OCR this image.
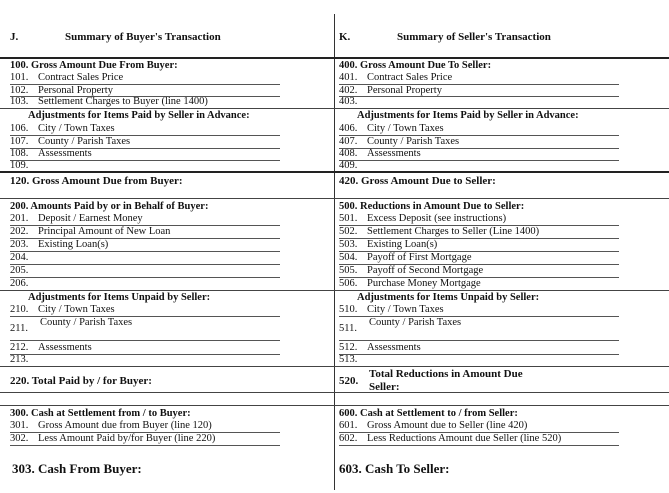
J.	Summary of Buyer's Transaction
100. Gross Amount Due From Buyer:
101. Contract Sales Price
102. Personal Property
103. Settlement Charges to Buyer (line 1400)
Adjustments for Items Paid by Seller in Advance:
106. City / Town Taxes
107. County / Parish Taxes
108. Assessments
109.
120. Gross Amount Due from Buyer:
200. Amounts Paid by or in Behalf of Buyer:
201. Deposit / Earnest Money
202. Principal Amount of New Loan
203. Existing Loan(s)
204.
205.
206.
Adjustments for Items Unpaid by Seller:
210. City / Town Taxes
County / Parish Taxes
211.
212. Assessments
213.
220. Total Paid by / for Buyer:
300. Cash at Settlement from / to Buyer:
301. Gross Amount due from Buyer (line 120)
302. Less Amount Paid by/for Buyer (line 220)
303. Cash From Buyer:
K.	Summary of Seller's Transaction
400. Gross Amount Due To Seller:
401. Contract Sales Price
402. Personal Property
403.
Adjustments for Items Paid by Seller in Advance:
406. City / Town Taxes
407. County / Parish Taxes
408. Assessments
409.
420. Gross Amount Due to Seller:
500. Reductions in Amount Due to Seller:
501. Excess Deposit (see instructions)
502. Settlement Charges to Seller (Line 1400)
503. Existing Loan(s)
504. Payoff of First Mortgage
505. Payoff of Second Mortgage
506. Purchase Money Mortgage
Adjustments for Items Unpaid by Seller:
510. City / Town Taxes
County / Parish Taxes
511.
512. Assessments
513.
520.
Total Reductions in Amount Due
Seller:
600. Cash at Settlement to / from Seller:
601. Gross Amount due to Seller (line 420)
602. Less Reductions Amount due Seller (line 520)
603. Cash To Seller:
